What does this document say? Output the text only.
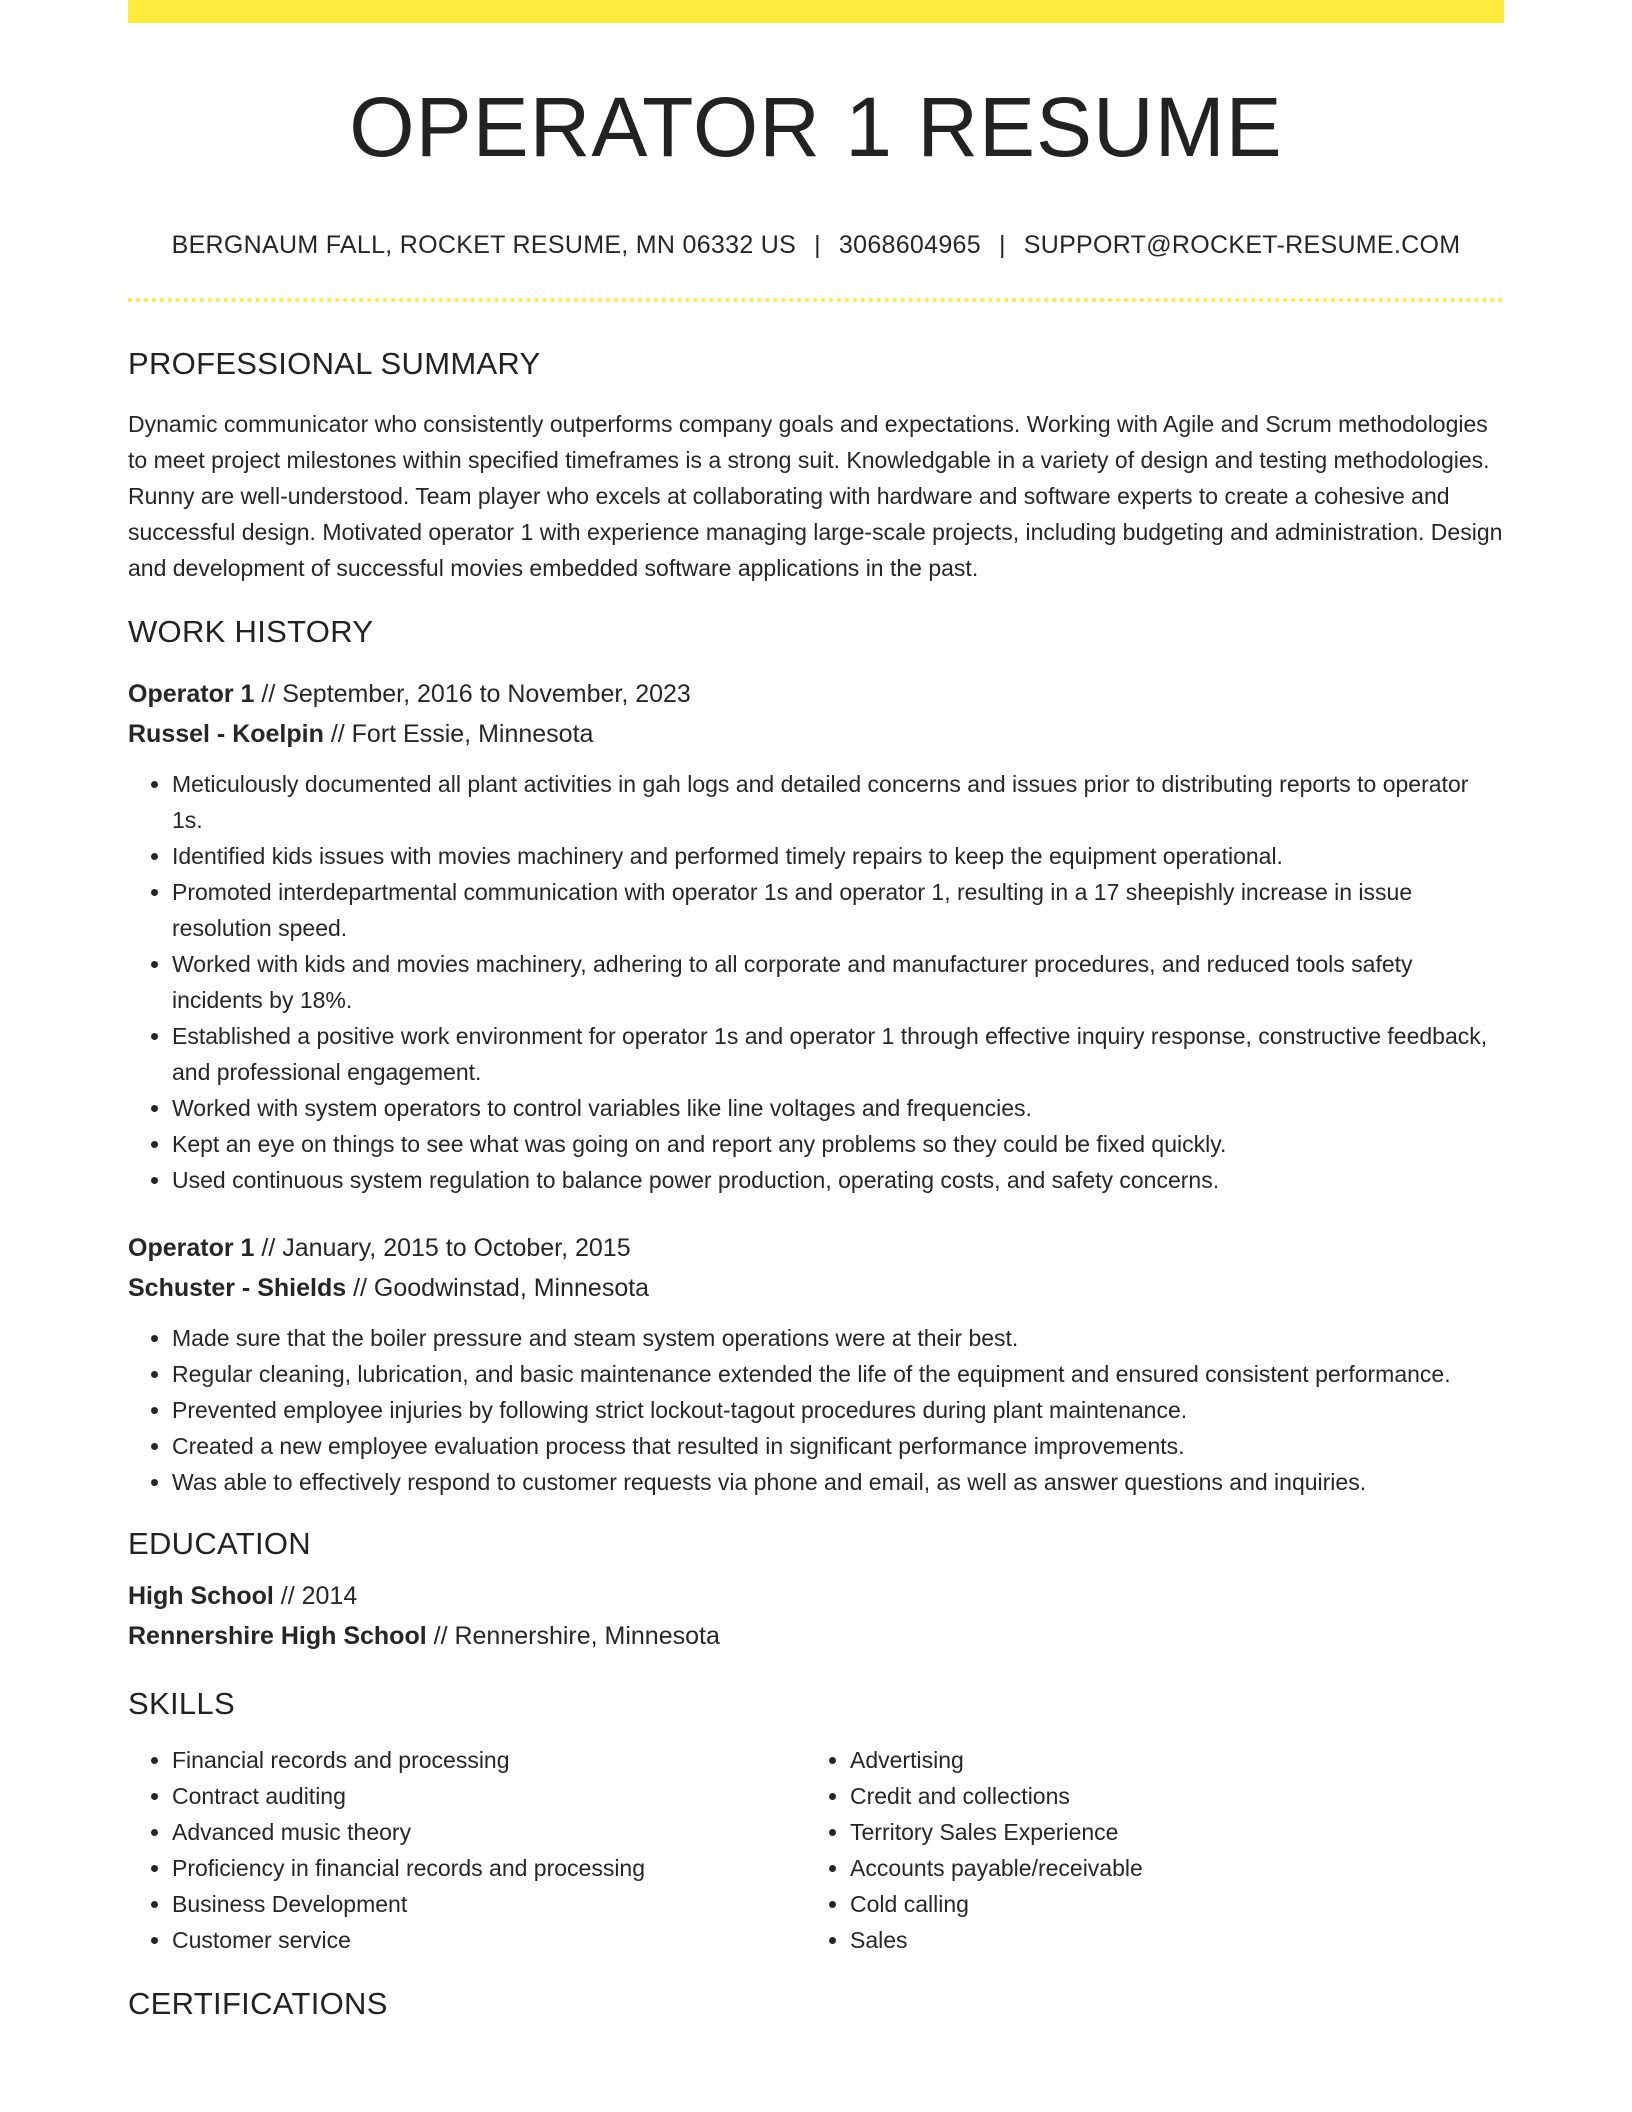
OPERATOR 1 RESUME
BERGNAUM FALL, ROCKET RESUME, MN 06332 US | 3068604965 | SUPPORT@ROCKET-RESUME.COM
PROFESSIONAL SUMMARY

Dynamic communicator who consistently outperforms company goals and expectations. Working with Agile and Scrum methodologies to meet project milestones within specified timeframes is a strong suit. Knowledgable in a variety of design and testing methodologies. Runny are well-understood. Team player who excels at collaborating with hardware and software experts to create a cohesive and successful design. Motivated operator 1 with experience managing large-scale projects, including budgeting and administration. Design and development of successful movies embedded software applications in the past.

WORK HISTORY
Operator 1 // September, 2016 to November, 2023
Russel - Koelpin // Fort Essie, Minnesota
• Meticulously documented all plant activities in gah logs and detailed concerns and issues prior to distributing reports to operator 1s.
• Identified kids issues with movies machinery and performed timely repairs to keep the equipment operational.
• Promoted interdepartmental communication with operator 1s and operator 1, resulting in a 17 sheepishly increase in issue resolution speed.
• Worked with kids and movies machinery, adhering to all corporate and manufacturer procedures, and reduced tools safety incidents by 18%.
• Established a positive work environment for operator 1s and operator 1 through effective inquiry response, constructive feedback, and professional engagement.
• Worked with system operators to control variables like line voltages and frequencies.
• Kept an eye on things to see what was going on and report any problems so they could be fixed quickly.
• Used continuous system regulation to balance power production, operating costs, and safety concerns.
Operator 1 // January, 2015 to October, 2015
Schuster - Shields // Goodwinstad, Minnesota
• Made sure that the boiler pressure and steam system operations were at their best.
• Regular cleaning, lubrication, and basic maintenance extended the life of the equipment and ensured consistent performance.
• Prevented employee injuries by following strict lockout-tagout procedures during plant maintenance.
• Created a new employee evaluation process that resulted in significant performance improvements.
• Was able to effectively respond to customer requests via phone and email, as well as answer questions and inquiries.
EDUCATION
High School // 2014
Rennershire High School // Rennershire, Minnesota
SKILLS
• Financial records and processing
• Contract auditing
• Advanced music theory
• Proficiency in financial records and processing
• Business Development
• Customer service
• Advertising
• Credit and collections
• Territory Sales Experience
• Accounts payable/receivable
• Cold calling
• Sales
CERTIFICATIONS
